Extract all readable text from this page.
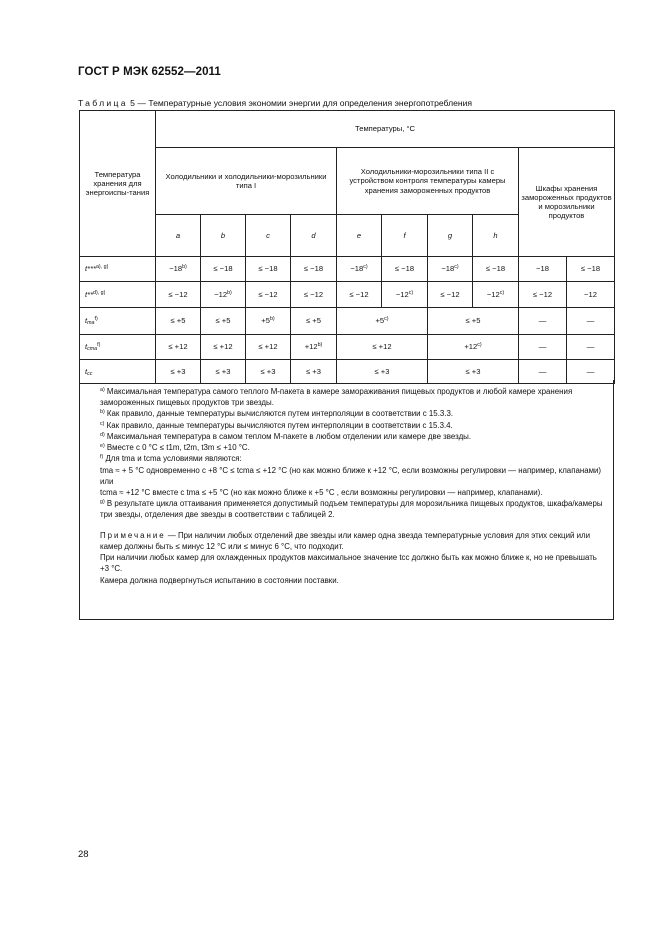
ГОСТ Р МЭК 62552—2011
Таблица 5 — Температурные условия экономии энергии для определения энергопотребления
Температура хранения для энергоиспы-тания	Температуры, °С									
	Холодильники и холодильники-морозильники типа I				Холодильники-морозильники типа II с устройством контроля температуры камеры хранения замороженных продуктов				Шкафы хранения замороженных продуктов и морозильники продуктов	
	a	b	c	d	e	f	g	h		
t***$^{a), g)}$	$-18^{b)}$	≤ −18	≤ −18	≤ −18	$-18^{c)}$	≤ −18	$-18^{c)}$	≤ −18	−18	≤ −18
t**$^{d), g)}$	≤ −12	$-12^{b)}$	≤ −12	≤ −12	≤ −12	$-12^{c)}$	≤ −12	$-12^{c)}$	≤ −12	−12
$t_{ma}^{f)}$	≤ +5	≤ +5	$+5^{b)}$	≤ +5	$+5^{c)}$		≤ +5		—	—
$t_{cma}^{f)}$	≤ +12	≤ +12	≤ +12	$+12^{b)}$	≤ +12		$+12^{c)}$		—	—
$t_{cc}$	≤ +3	≤ +3	≤ +3	≤ +3	≤ +3		≤ +3		—	—

$^{a)}$ Максимальная температура самого теплого М-пакета в камере замораживания пищевых продуктов и любой камере хранения замороженных пищевых продуктов три звезды.

$^{b)}$ Как правило, данные температуры вычисляются путем интерполяции в соответствии с 15.3.3.

$^{c)}$ Как правило, данные температуры вычисляются путем интерполяции в соответствии с 15.3.4.

$^{d)}$ Максимальная температура в самом теплом М-пакете в любом отделении или камере две звезды.

$^{e)}$ Вместе с 0 °С ≤ t1m, t2m, t3m ≤ +10 °С.

$^{f)}$ Для tma и tcma условиями являются:

tma ≈ + 5 °С одновременно с +8 °С ≤ tcma ≤ +12 °С (но как можно ближе к +12 °С, если возможны регулировки — например, клапанами)

или

tcma ≈ +12 °С вместе с tma ≤ +5 °С (но как можно ближе к +5 °С , если возможны регулировки — например, клапанами).

$^{g)}$ В результате цикла оттаивания применяется допустимый подъем температуры для морозильника пищевых продуктов, шкафа/камеры три звезды, отделения две звезды в соответствии с таблицей 2.

Примечание — При наличии любых отделений две звезды или камер одна звезда температурные условия для этих секций или камер должны быть ≤ минус 12 °С или ≤ минус 6 °С, что подходит.

При наличии любых камер для охлажденных продуктов максимальное значение tcc должно быть как можно ближе к, но не превышать +3 °С.

Камера должна подвергнуться испытанию в состоянии поставки.

28
